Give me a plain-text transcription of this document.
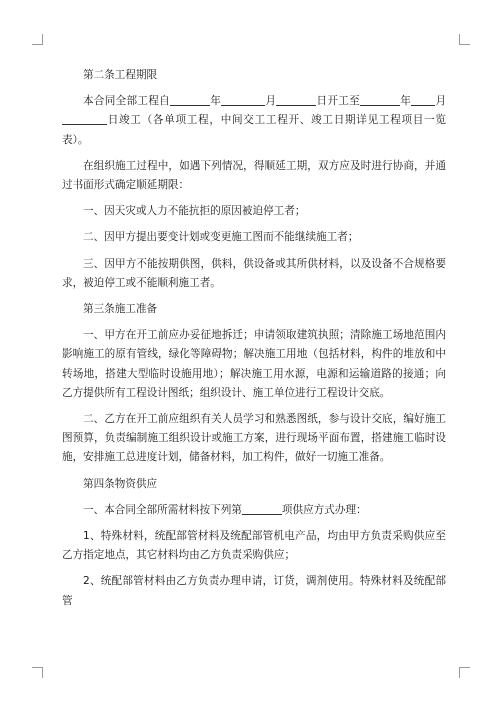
第二条工程期限

本合同全部工程自	年	月	日开工至	年 月日竣工（各单项工程，中间交工工程开、竣工日期详见工程项目一览表）。

在组织施工过程中，如遇下列情况，得顺延工期，双方应及时进行协商，并通过书面形式确定顺延期限：

一、因天灾或人力不能抗拒的原因被迫停工者；

二、因甲方提出要变计划或变更施工图而不能继续施工者；

三、因甲方不能按期供图，供料，供设备或其所供材料，以及设备不合规格要求，被迫停工或不能顺利施工者。

第三条施工准备

一、甲方在开工前应办妥征地拆迁；申请领取建筑执照；清除施工场地范围内影响施工的原有管线，绿化等障碍物；解决施工用地（包括材料，构件的堆放和中转场地，搭建大型临时设施用地）；解决施工用水源，电源和运输道路的接通；向乙方提供所有工程设计图纸；组织设计、施工单位进行工程设计交底。

二、乙方在开工前应组织有关人员学习和熟悉图纸，参与设计交底，编好施工图预算，负责编制施工组织设计或施工方案，进行现场平面布置，搭建施工临时设施，安排施工总进度计划，储备材料，加工构件，做好一切施工准备。

第四条物资供应

一、本合同全部所需材料按下列第	项供应方式办理：

1、特殊材料，统配部管材料及统配部管机电产品，均由甲方负责采购供应至乙方指定地点，其它材料均由乙方负责采购供应；

2、统配部管材料由乙方负责办理申请，订货，调剂使用。特殊材料及统配部管
